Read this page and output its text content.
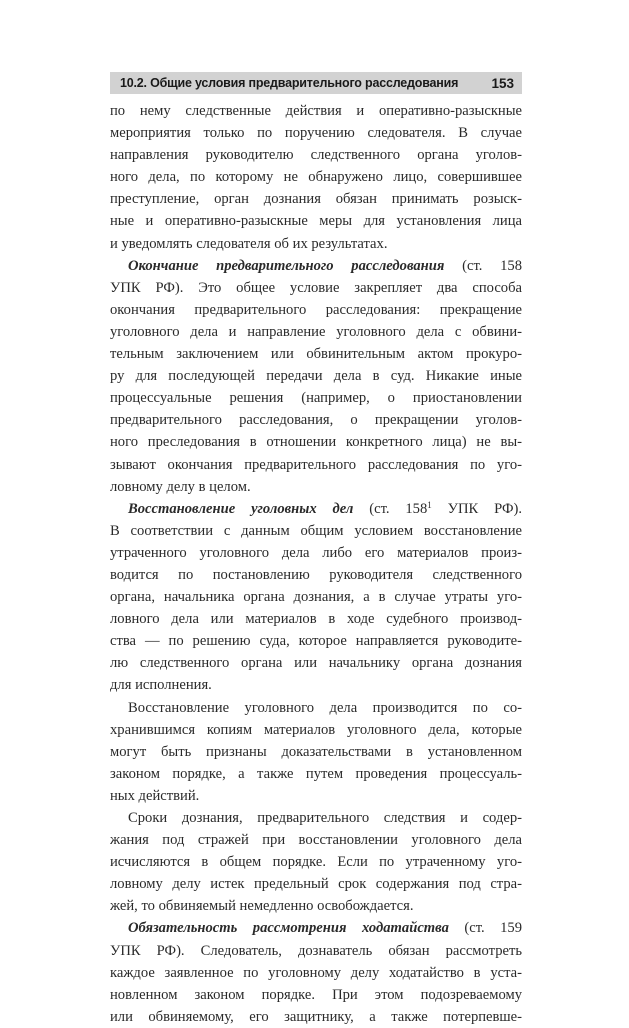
10.2. Общие условия предварительного расследования 153
по нему следственные действия и оперативно-разыскные
мероприятия только по поручению следователя. В случае
направления руководителю следственного органа уголов-
ного дела, по которому не обнаружено лицо, совершившее
преступление, орган дознания обязан принимать розыск-
ные и оперативно-разыскные меры для установления лица
и уведомлять следователя об их результатах.
Окончание предварительного расследования (ст. 158
УПК РФ). Это общее условие закрепляет два способа
окончания предварительного расследования: прекращение
уголовного дела и направление уголовного дела с обвини-
тельным заключением или обвинительным актом прокуро-
ру для последующей передачи дела в суд. Никакие иные
процессуальные решения (например, о приостановлении
предварительного расследования, о прекращении уголов-
ного преследования в отношении конкретного лица) не вы-
зывают окончания предварительного расследования по уго-
ловному делу в целом.
Восстановление уголовных дел (ст. $158^1$ УПК РФ).
В соответствии с данным общим условием восстановление
утраченного уголовного дела либо его материалов произ-
водится по постановлению руководителя следственного
органа, начальника органа дознания, а в случае утраты уго-
ловного дела или материалов в ходе судебного производ-
ства — по решению суда, которое направляется руководите-
лю следственного органа или начальнику органа дознания
для исполнения.
Восстановление уголовного дела производится по со-
хранившимся копиям материалов уголовного дела, которые
могут быть признаны доказательствами в установленном
законом порядке, а также путем проведения процессуаль-
ных действий.
Сроки дознания, предварительного следствия и содер-
жания под стражей при восстановлении уголовного дела
исчисляются в общем порядке. Если по утраченному уго-
ловному делу истек предельный срок содержания под стра-
жей, то обвиняемый немедленно освобождается.
Обязательность рассмотрения ходатайства (ст. 159
УПК РФ). Следователь, дознаватель обязан рассмотреть
каждое заявленное по уголовному делу ходатайство в уста-
новленном законом порядке. При этом подозреваемому
или обвиняемому, его защитнику, а также потерпевше-
